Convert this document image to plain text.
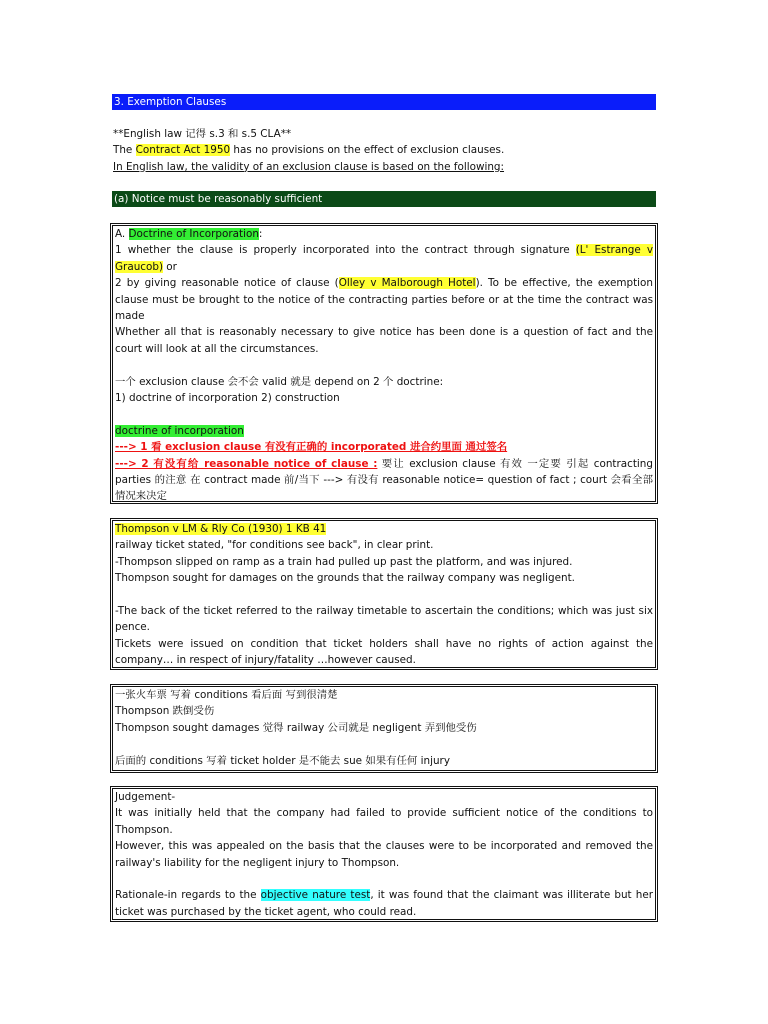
3. Exemption Clauses

**English law 记得 s.3 和 s.5 CLA**

The Contract Act 1950 has no provisions on the effect of exclusion clauses.

In English law, the validity of an exclusion clause is based on the following:

(a) Notice must be reasonably sufficient

A. Doctrine of Incorporation:

1 whether the clause is properly incorporated into the contract through signature (L' Estrange v Graucob) or

2 by giving reasonable notice of clause (Olley v Malborough Hotel). To be effective, the exemption clause must be brought to the notice of the contracting parties before or at the time the contract was made

Whether all that is reasonably necessary to give notice has been done is a question of fact and the court will look at all the circumstances.

一个 exclusion clause 会不会 valid 就是 depend on 2 个 doctrine:

1) doctrine of incorporation 2) construction

doctrine of incorporation

---> 1 看 exclusion clause 有没有正确的 incorporated 进合约里面 通过签名

---> 2 有没有给 reasonable notice of clause : 要让 exclusion clause 有效 一定要 引起 contracting parties 的注意 在 contract made 前/当下 ---> 有没有 reasonable notice= question of fact ; court 会看全部情况来决定

Thompson v LM & Rly Co (1930) 1 KB 41

railway ticket stated, "for conditions see back", in clear print.

-Thompson slipped on ramp as a train had pulled up past the platform, and was injured.

Thompson sought for damages on the grounds that the railway company was negligent.

-The back of the ticket referred to the railway timetable to ascertain the conditions; which was just six pence.

Tickets were issued on condition that ticket holders shall have no rights of action against the company… in respect of injury/fatality …however caused.

一张火车票 写着 conditions 看后面 写到很清楚

Thompson 跌倒受伤

Thompson sought damages 觉得 railway 公司就是 negligent 弄到他受伤

后面的 conditions 写着 ticket holder 是不能去 sue 如果有任何 injury

Judgement-

It was initially held that the company had failed to provide sufficient notice of the conditions to Thompson.

However, this was appealed on the basis that the clauses were to be incorporated and removed the railway's liability for the negligent injury to Thompson.

Rationale-in regards to the objective nature test, it was found that the claimant was illiterate but her ticket was purchased by the ticket agent, who could read.
